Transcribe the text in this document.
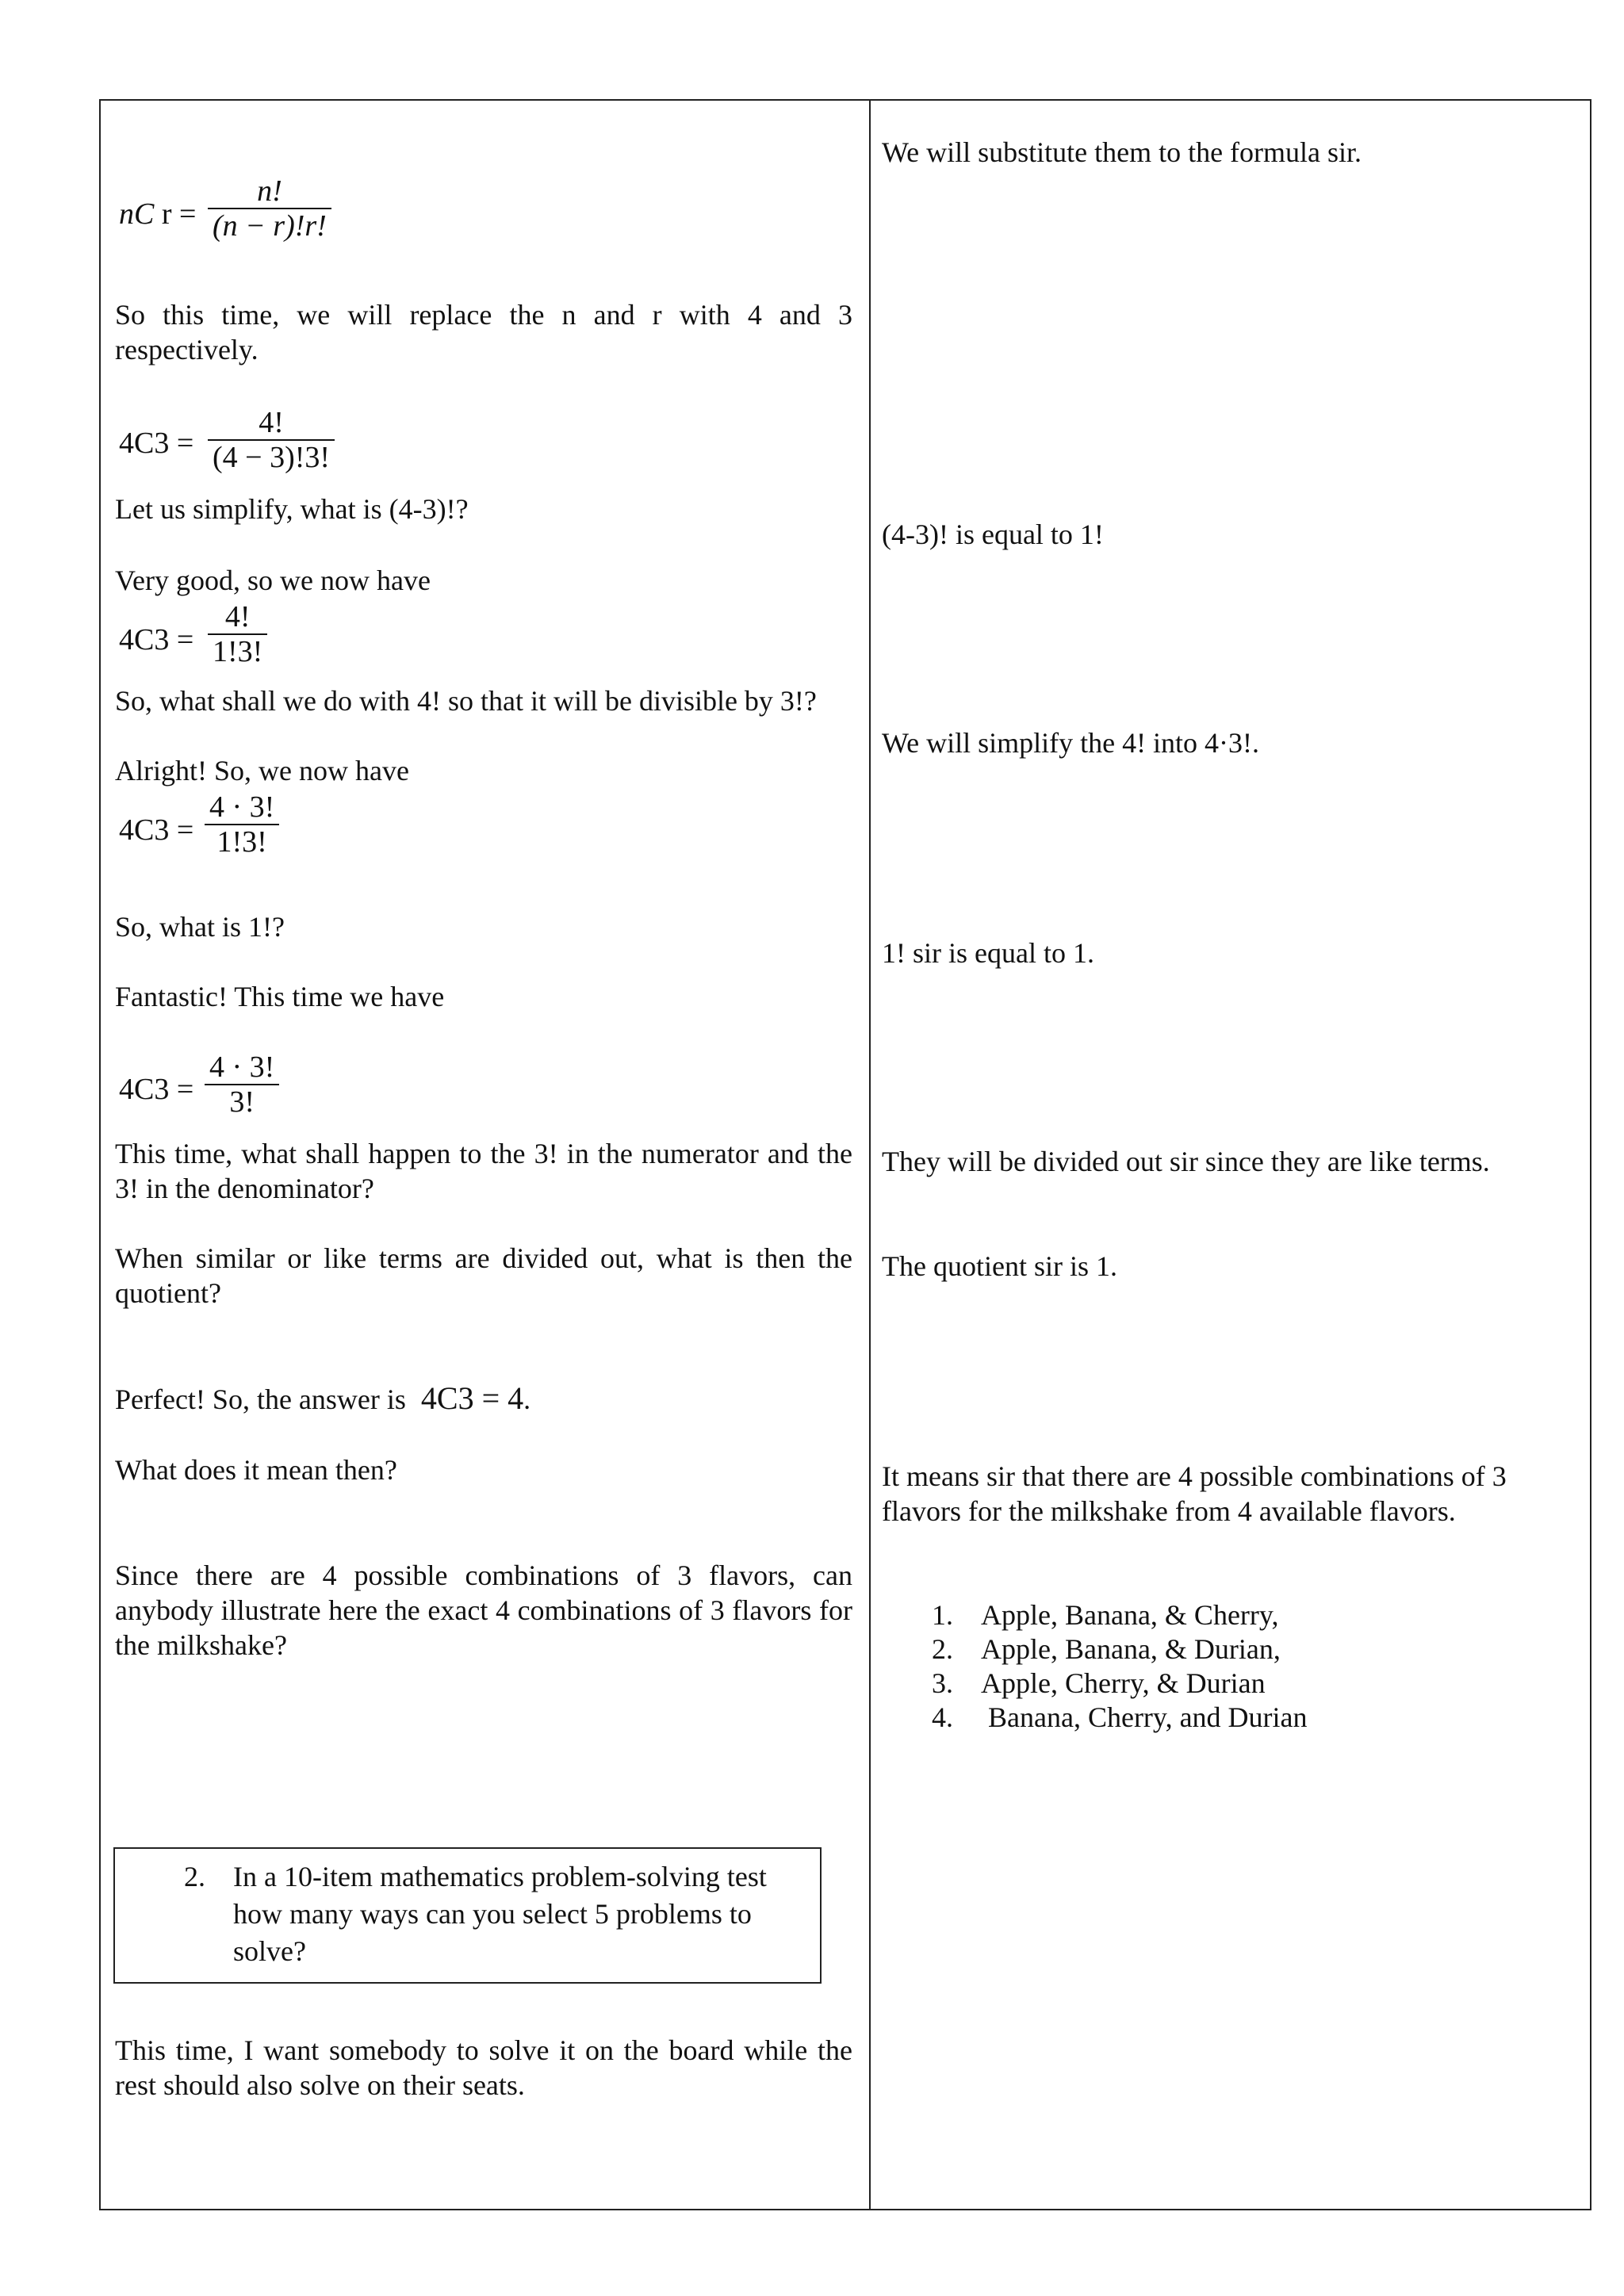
nC r =
n!
(n − r)!r!
So this time, we will replace the n and r with 4 and 3 respectively.
4C3 =
4!
(4 − 3)!3!
Let us simplify, what is (4-3)!?
Very good, so we now have
4C3 =
4!
1!3!
So, what shall we do with 4! so that it will be divisible by 3!?
Alright! So, we now have
4C3 =
4 · 3!
1!3!
So, what is 1!?
Fantastic! This time we have
4C3 =
4 · 3!
3!
This time, what shall happen to the 3! in the numerator and the 3! in the denominator?
When similar or like terms are divided out, what is then the quotient?
Perfect! So, the answer is 4C3 = 4.
What does it mean then?
Since there are 4 possible combinations of 3 flavors, can anybody illustrate here the exact 4 combinations of 3 flavors for the milkshake?
2. In a 10-item mathematics problem-solving test
how many ways can you select 5 problems to
solve?
This time, I want somebody to solve it on the board while the rest should also solve on their seats.
We will substitute them to the formula sir.
(4-3)! is equal to 1!
We will simplify the 4! into 4·3!.
1! sir is equal to 1.
They will be divided out sir since they are like terms.
The quotient sir is 1.
It means sir that there are 4 possible combinations of 3
flavors for the milkshake from 4 available flavors.
1. Apple, Banana, & Cherry,
2. Apple, Banana, & Durian,
3. Apple, Cherry, & Durian
4. Banana, Cherry, and Durian
